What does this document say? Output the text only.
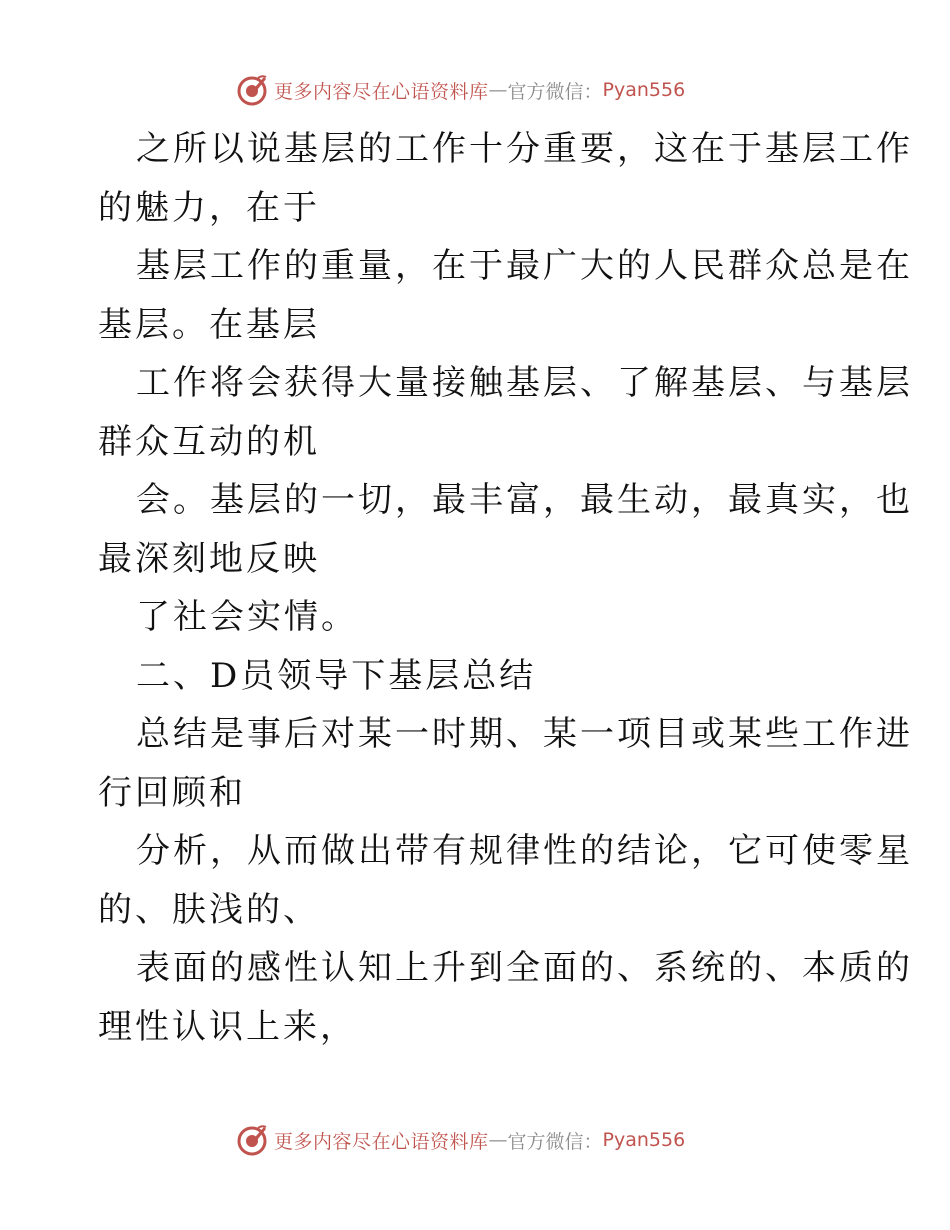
更多内容尽在心语资料库 — 官方微信： Pyan556
之所以说基层的工作十分重要，这在于基层工作
的魅力，在于
基层工作的重量，在于最广大的人民群众总是在
基层。在基层
工作将会获得大量接触基层、了解基层、与基层
群众互动的机
会。基层的一切，最丰富，最生动，最真实，也
最深刻地反映
了社会实情。
二、D员领导下基层总结
总结是事后对某一时期、某一项目或某些工作进
行回顾和
分析，从而做出带有规律性的结论，它可使零星
的、肤浅的、
表面的感性认知上升到全面的、系统的、本质的
理性认识上来，
更多内容尽在心语资料库 — 官方微信： Pyan556
